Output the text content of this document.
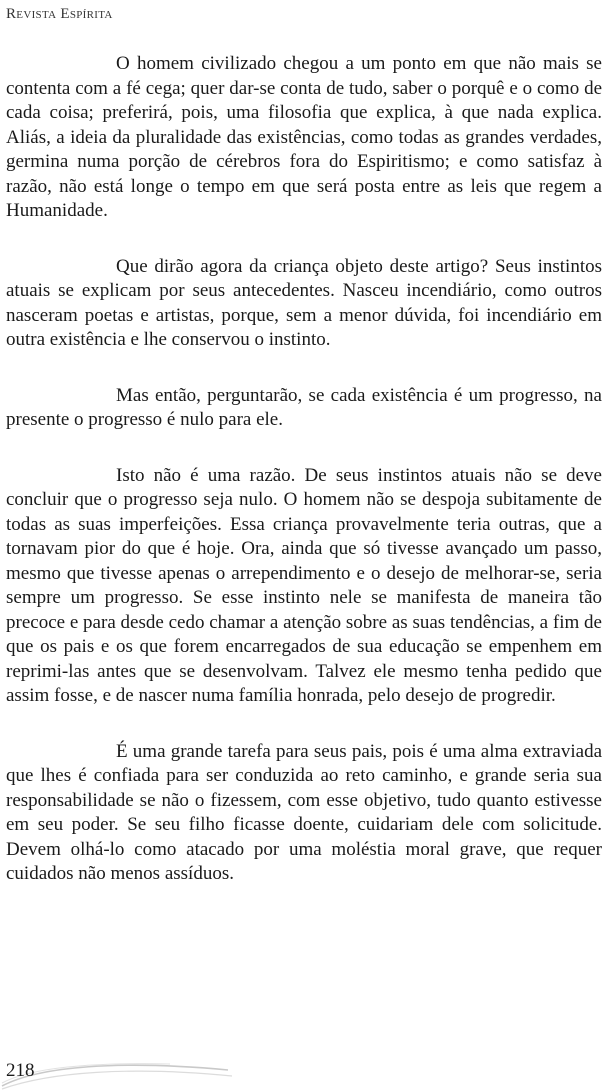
Revista Espírita

O homem civilizado chegou a um ponto em que não mais se contenta com a fé cega; quer dar-se conta de tudo, saber o porquê e o como de cada coisa; preferirá, pois, uma filosofia que explica, à que nada explica. Aliás, a ideia da pluralidade das existências, como todas as grandes verdades, germina numa porção de cérebros fora do Espiritismo; e como satisfaz à razão, não está longe o tempo em que será posta entre as leis que regem a Humanidade.

Que dirão agora da criança objeto deste artigo? Seus instintos atuais se explicam por seus antecedentes. Nasceu incendiário, como outros nasceram poetas e artistas, porque, sem a menor dúvida, foi incendiário em outra existência e lhe conservou o instinto.

Mas então, perguntarão, se cada existência é um progresso, na presente o progresso é nulo para ele.

Isto não é uma razão. De seus instintos atuais não se deve concluir que o progresso seja nulo. O homem não se despoja subitamente de todas as suas imperfeições. Essa criança provavelmente teria outras, que a tornavam pior do que é hoje. Ora, ainda que só tivesse avançado um passo, mesmo que tivesse apenas o arrependimento e o desejo de melhorar-se, seria sempre um progresso. Se esse instinto nele se manifesta de maneira tão precoce e para desde cedo chamar a atenção sobre as suas tendências, a fim de que os pais e os que forem encarregados de sua educação se empenhem em reprimi-las antes que se desenvolvam. Talvez ele mesmo tenha pedido que assim fosse, e de nascer numa família honrada, pelo desejo de progredir.

É uma grande tarefa para seus pais, pois é uma alma extraviada que lhes é confiada para ser conduzida ao reto caminho, e grande seria sua responsabilidade se não o fizessem, com esse objetivo, tudo quanto estivesse em seu poder. Se seu filho ficasse doente, cuidariam dele com solicitude. Devem olhá-lo como atacado por uma moléstia moral grave, que requer cuidados não menos assíduos.

218
